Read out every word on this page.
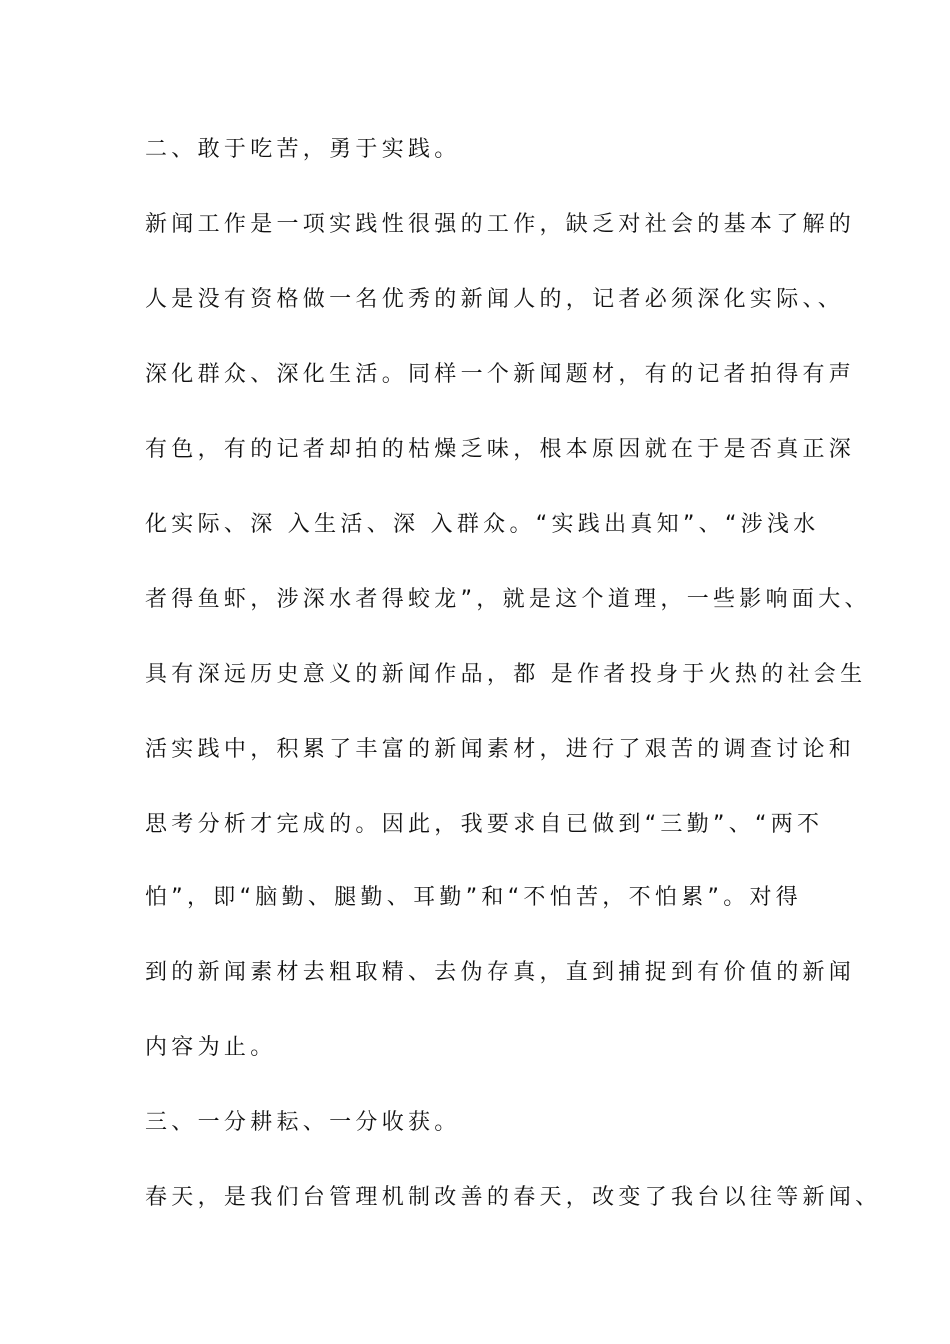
二、敢于吃苦，勇于实践。
新闻工作是一项实践性很强的工作，缺乏对社会的基本了解的
人是没有资格做一名优秀的新闻人的，记者必须深化实际、、
深化群众、深化生活。同样一个新闻题材，有的记者拍得有声
有色，有的记者却拍的枯燥乏味，根本原因就在于是否真正深
化实际、深 入生活、深 入群众。“实践出真知”、“涉浅水
者得鱼虾，涉深水者得蛟龙”，就是这个道理，一些影响面大、
具有深远历史意义的新闻作品，都 是作者投身于火热的社会生
活实践中，积累了丰富的新闻素材，进行了艰苦的调查讨论和
思考分析才完成的。因此，我要求自已做到“三勤”、“两不
怕”，即“脑勤、腿勤、耳勤”和“不怕苦，不怕累”。对得
到的新闻素材去粗取精、去伪存真，直到捕捉到有价值的新闻
内容为止。
三、一分耕耘、一分收获。
春天，是我们台管理机制改善的春天，改变了我台以往等新闻、
